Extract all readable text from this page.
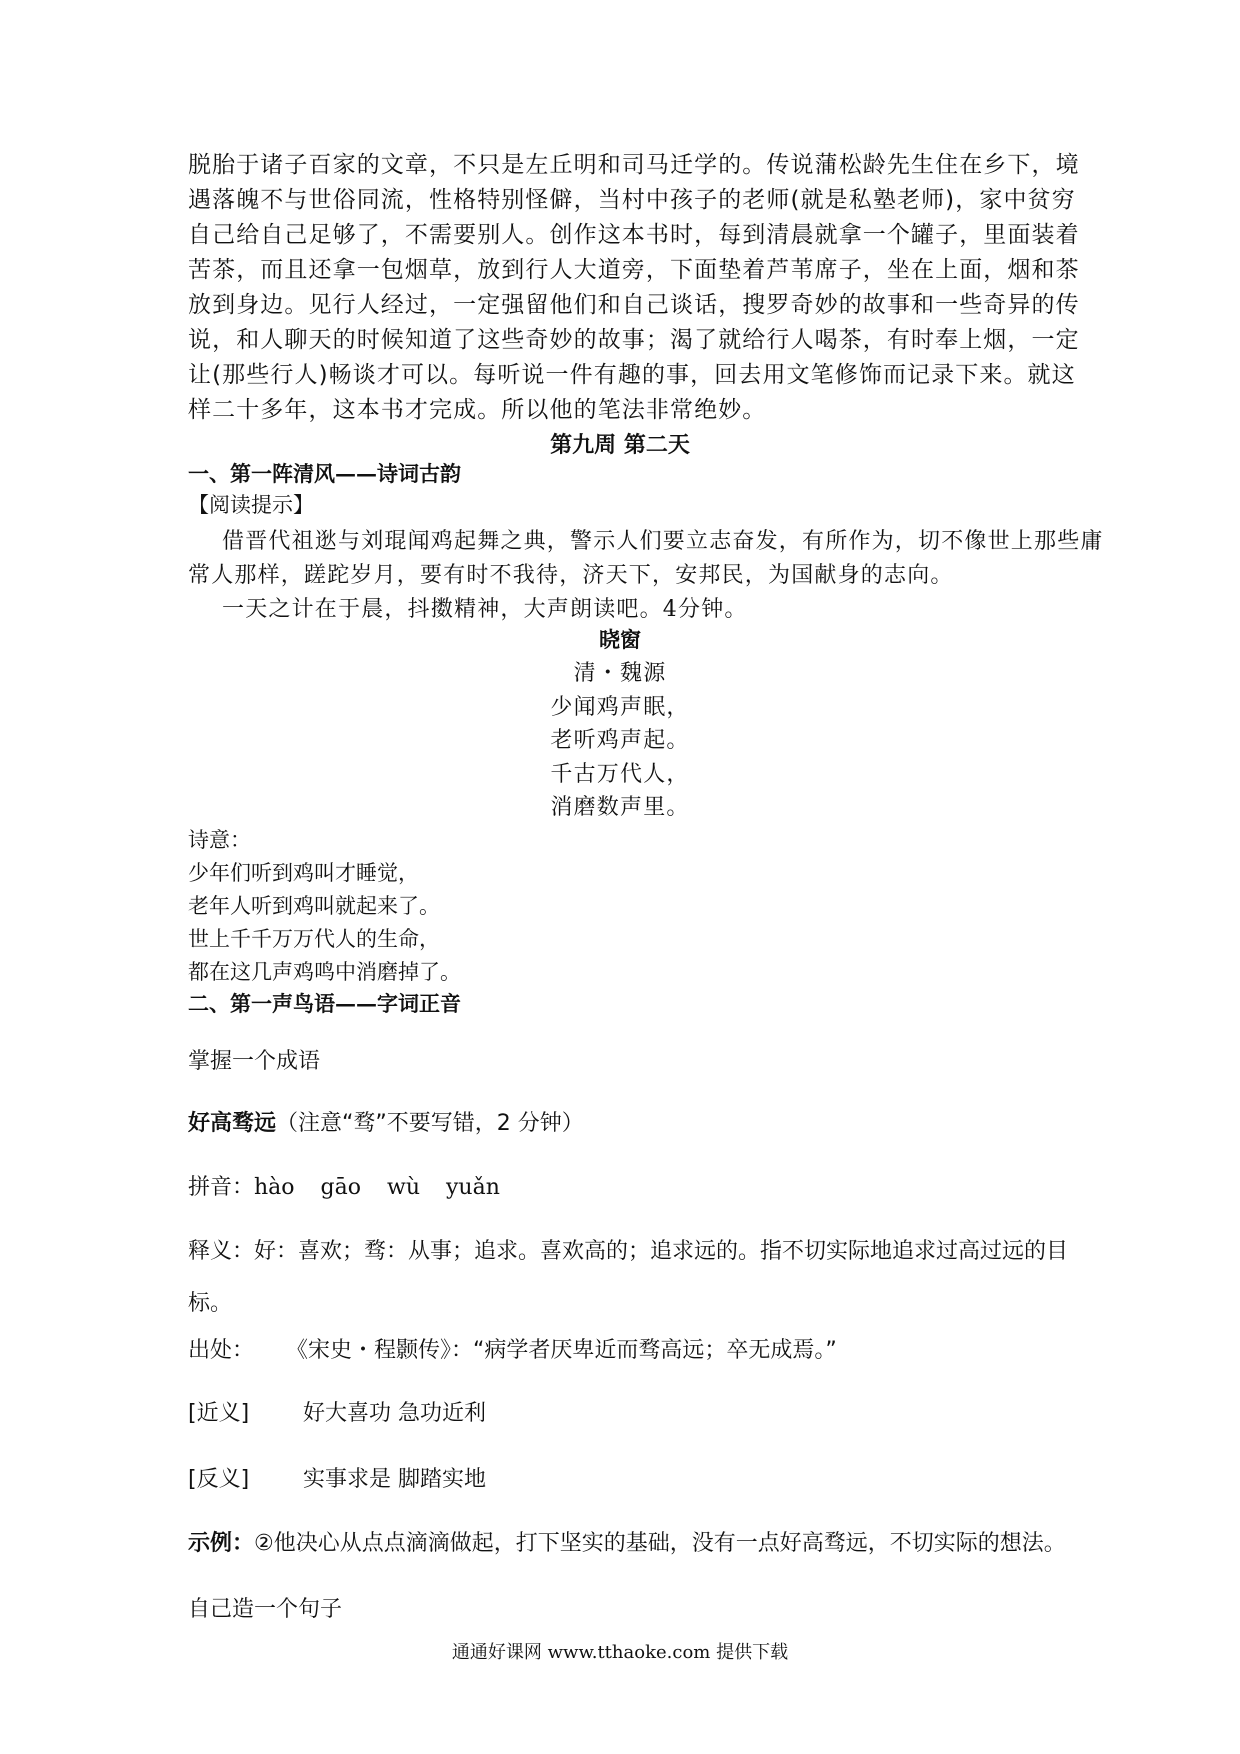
脱胎于诸子百家的文章，不只是左丘明和司马迁学的。传说蒲松龄先生住在乡下，境

遇落魄不与世俗同流，性格特别怪僻，当村中孩子的老师(就是私塾老师)，家中贫穷

自己给自己足够了，不需要别人。创作这本书时，每到清晨就拿一个罐子，里面装着

苦茶，而且还拿一包烟草，放到行人大道旁，下面垫着芦苇席子，坐在上面，烟和茶

放到身边。见行人经过，一定强留他们和自己谈话，搜罗奇妙的故事和一些奇异的传

说，和人聊天的时候知道了这些奇妙的故事；渴了就给行人喝茶，有时奉上烟，一定

让(那些行人)畅谈才可以。每听说一件有趣的事，回去用文笔修饰而记录下来。就这

样二十多年，这本书才完成。所以他的笔法非常绝妙。

第九周 第二天
一、第一阵清风——诗词古韵
【阅读提示】
借晋代祖逖与刘琨闻鸡起舞之典，警示人们要立志奋发，有所作为，切不像世上那些庸
常人那样，蹉跎岁月，要有时不我待，济天下，安邦民，为国献身的志向。
一天之计在于晨，抖擞精神，大声朗读吧。4分钟。
晓窗
清・魏源
少闻鸡声眠，
老听鸡声起。
千古万代人，
消磨数声里。
诗意：
少年们听到鸡叫才睡觉，
老年人听到鸡叫就起来了。
世上千千万万代人的生命，
都在这几声鸡鸣中消磨掉了。
二、第一声鸟语——字词正音
掌握一个成语
好高骛远（注意“骛”不要写错，2 分钟）
拼音：hào gāo wù yuǎn
释义：好：喜欢；骛：从事；追求。喜欢高的；追求远的。指不切实际地追求过高过远的目
标。
出处： 《宋史・程颢传》：“病学者厌卑近而骛高远；卒无成焉。”
[近义] 好大喜功 急功近利
[反义] 实事求是 脚踏实地
示例：②他决心从点点滴滴做起，打下坚实的基础，没有一点好高骛远，不切实际的想法。
自己造一个句子
通通好课网 www.tthaoke.com 提供下载
